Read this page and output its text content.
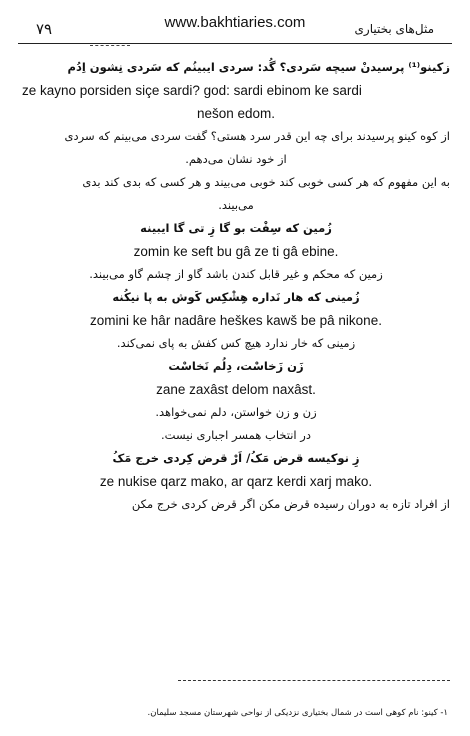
۷۹	www.bakhtiaries.com	مثل‌های بختیاری
زکینو⁽¹⁾ پرسیدنْ سیچه سَردی؟ گُد: سردی ایبینُم که سَردی نِشون اِدُم
ze kayno porsiden siçe sardi? god: sardi ebinom ke sardi
nešon edom.
از کوه کینو پرسیدند برای چه این قدر سرد هستی؟ گفت سردی می‌بینم که سردی
از خود نشان می‌دهم.
به این مفهوم که هر کسی خوبی کند خوبی می‌بیند و هر کسی که بدی کند بدی
می‌بیند.
زُمین که سِفْت بو گا زِ تی گا ایبینه
zomin ke seft bu gâ ze ti gâ ebine.
زمین که محکم و غیر قابل کندن باشد گاو از چشم گاو می‌بیند.
زُمینی که هار نَداره هِشْکِس کَوش به پا نیکُنه
zomini ke hâr nadâre heškes kawš be pâ nikone.
زمینی که خار ندارد هیچ کس کفش به پای نمی‌کند.
زَن زَخاسْت، دِلُم نَخاسْت
zane zaxâst delom naxâst.
زن و زن خواستن، دلم نمی‌خواهد.
در انتخاب همسر اجباری نیست.
زِ نوکیسه قرض مَکُ/ اَرْ قرض کِردی خرج مَکُ
ze nukise qarz mako, ar qarz kerdi xarj mako.
از افراد تازه به دوران رسیده قرض مکن اگر قرض کردی خرج مکن
۱- کینو: نام کوهی است در شمال بختیاری نزدیکی از نواحی شهرستان مسجد سلیمان.
